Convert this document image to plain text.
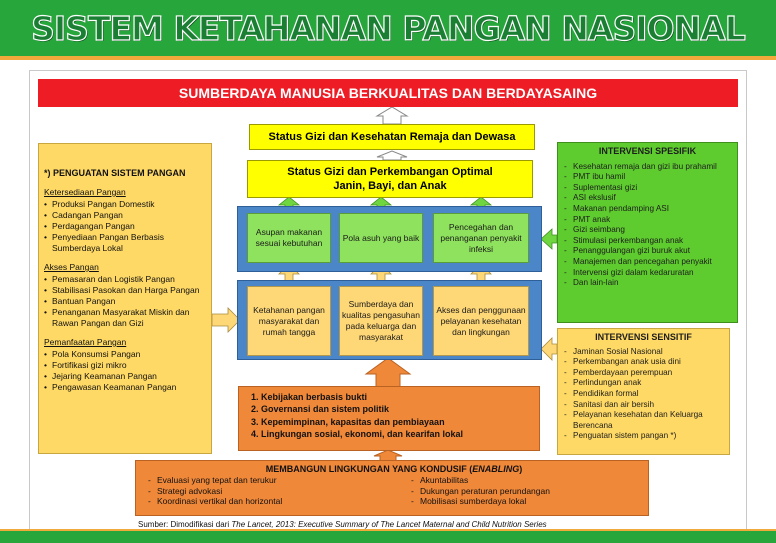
SISTEM KETAHANAN PANGAN NASIONAL
SUMBERDAYA MANUSIA BERKUALITAS DAN BERDAYASAING
Status Gizi dan Kesehatan Remaja dan Dewasa
Status Gizi dan Perkembangan Optimal
Janin, Bayi, dan Anak
Asupan makanan sesuai kebutuhan
Pola asuh yang baik
Pencegahan dan penanganan penyakit infeksi
Ketahanan pangan masyarakat dan rumah tangga
Sumberdaya dan kualitas pengasuhan pada keluarga dan masyarakat
Akses dan penggunaan pelayanan kesehatan dan lingkungan
*) PENGUATAN SISTEM PANGAN
Ketersediaan Pangan
• Produksi Pangan Domestik
• Cadangan Pangan
• Perdagangan Pangan
• Penyediaan Pangan Berbasis Sumberdaya Lokal
Akses Pangan
• Pemasaran dan Logistik Pangan
• Stabilisasi Pasokan dan Harga Pangan
• Bantuan Pangan
• Penanganan Masyarakat Miskin dan Rawan Pangan dan Gizi
Pemanfaatan Pangan
• Pola Konsumsi Pangan
• Fortifikasi gizi mikro
• Jejaring Keamanan Pangan
• Pengawasan Keamanan Pangan
INTERVENSI SPESIFIK
- Kesehatan remaja dan gizi ibu prahamil
- PMT ibu hamil
- Suplementasi gizi
- ASI ekslusif
- Makanan pendamping ASI
- PMT anak
- Gizi seimbang
- Stimulasi perkembangan anak
- Penanggulangan gizi buruk akut
- Manajemen dan pencegahan penyakit
- Intervensi gizi dalam kedaruratan
- Dan lain-lain
INTERVENSI SENSITIF
- Jaminan Sosial Nasional
- Perkembangan anak usia dini
- Pemberdayaan perempuan
- Perlindungan anak
- Pendidikan formal
- Sanitasi dan air bersih
- Pelayanan kesehatan dan Keluarga Berencana
- Penguatan sistem pangan *)
1. Kebijakan berbasis bukti
2. Governansi dan sistem politik
3. Kepemimpinan, kapasitas dan pembiayaan
4. Lingkungan sosial, ekonomi, dan kearifan lokal
MEMBANGUN LINGKUNGAN YANG KONDUSIF (ENABLING)
- Evaluasi yang tepat dan terukur
- Strategi advokasi
- Koordinasi vertikal dan horizontal
- Akuntabilitas
- Dukungan peraturan perundangan
- Mobilisasi sumberdaya lokal
Sumber: Dimodifikasi dari The Lancet, 2013: Executive Summary of The Lancet Maternal and Child Nutrition Series
